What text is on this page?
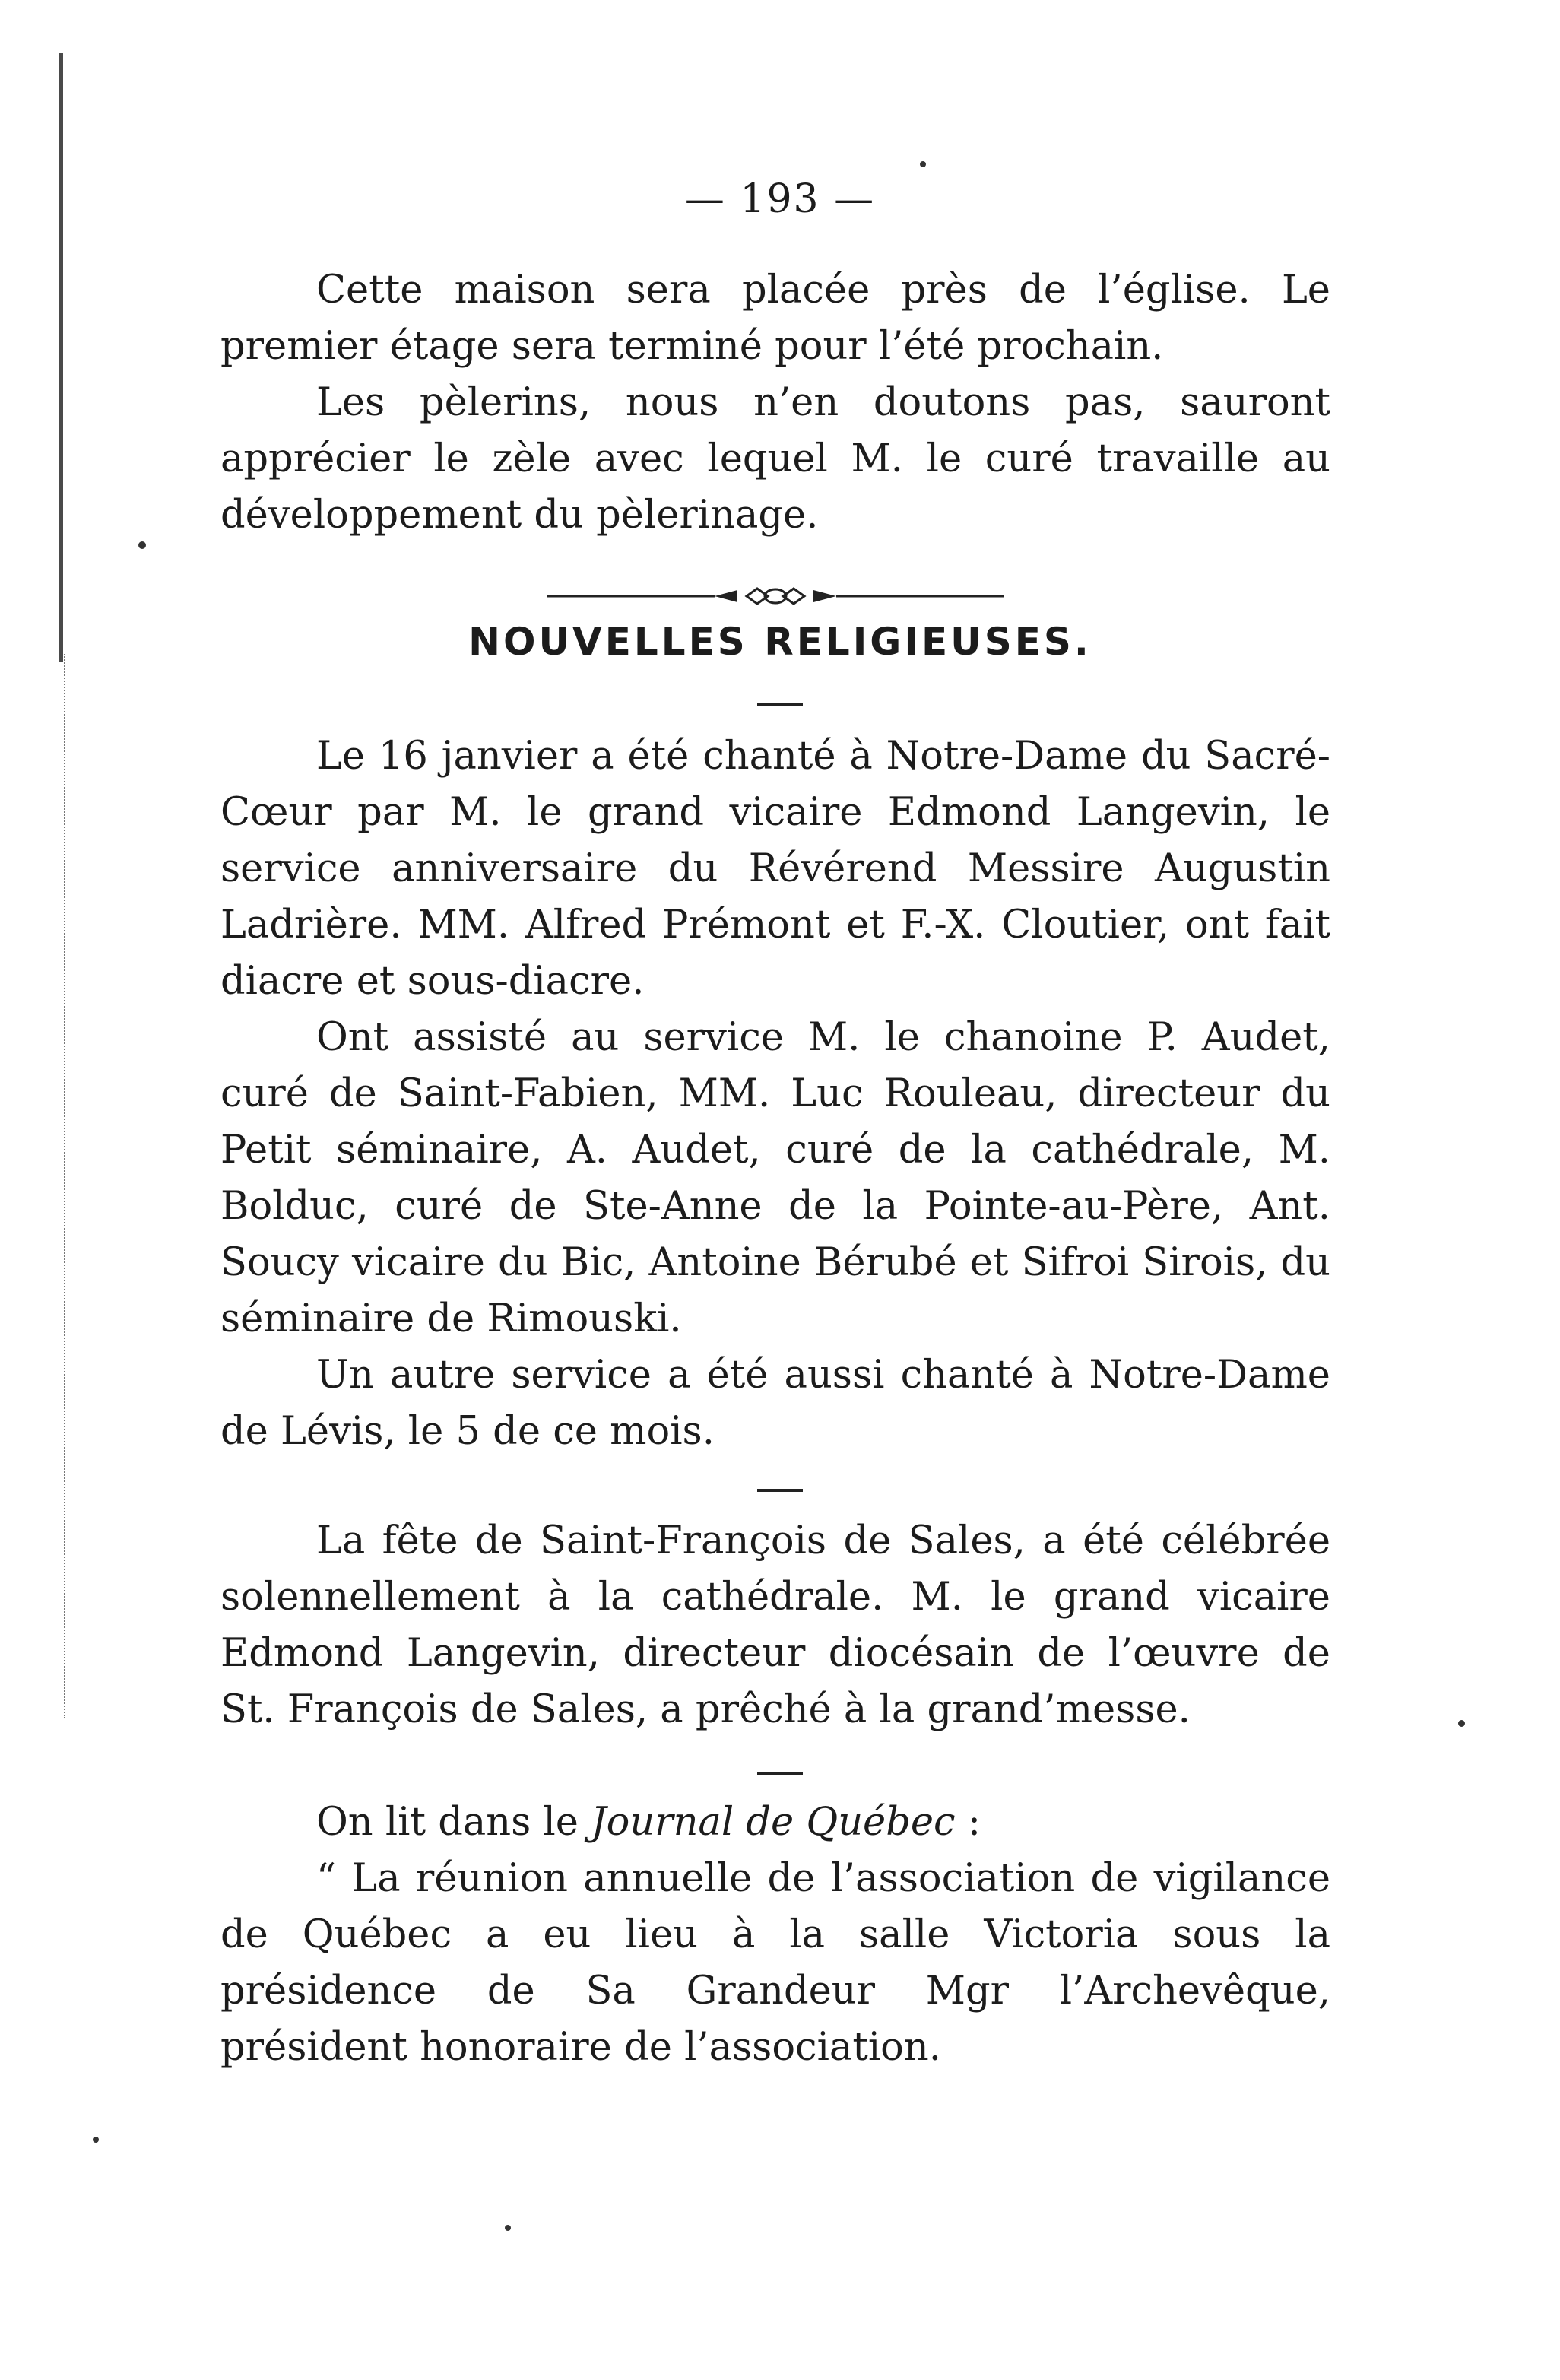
— 193 —

Cette maison sera placée près de l’église. Le premier étage sera terminé pour l’été prochain.

Les pèlerins, nous n’en doutons pas, sauront apprécier le zèle avec lequel M. le curé travaille au développement du pèlerinage.

NOUVELLES RELIGIEUSES.

Le 16 janvier a été chanté à Notre-Dame du Sacré-Cœur par M. le grand vicaire Edmond Langevin, le service anniversaire du Révérend Messire Augustin Ladrière. MM. Alfred Prémont et F.-X. Cloutier, ont fait diacre et sous-diacre.

Ont assisté au service M. le chanoine P. Audet, curé de Saint-Fabien, MM. Luc Rouleau, directeur du Petit séminaire, A. Audet, curé de la cathédrale, M. Bolduc, curé de Ste-Anne de la Pointe-au-Père, Ant. Soucy vicaire du Bic, Antoine Bérubé et Sifroi Sirois, du séminaire de Rimouski.

Un autre service a été aussi chanté à Notre-Dame de Lévis, le 5 de ce mois.

La fête de Saint-François de Sales, a été célébrée solennellement à la cathédrale. M. le grand vicaire Edmond Langevin, directeur diocésain de l’œuvre de St. François de Sales, a prêché à la grand’messe.

On lit dans le Journal de Québec :

“ La réunion annuelle de l’association de vigilance de Québec a eu lieu à la salle Victoria sous la présidence de Sa Grandeur Mgr l’Archevêque, président honoraire de l’association.
